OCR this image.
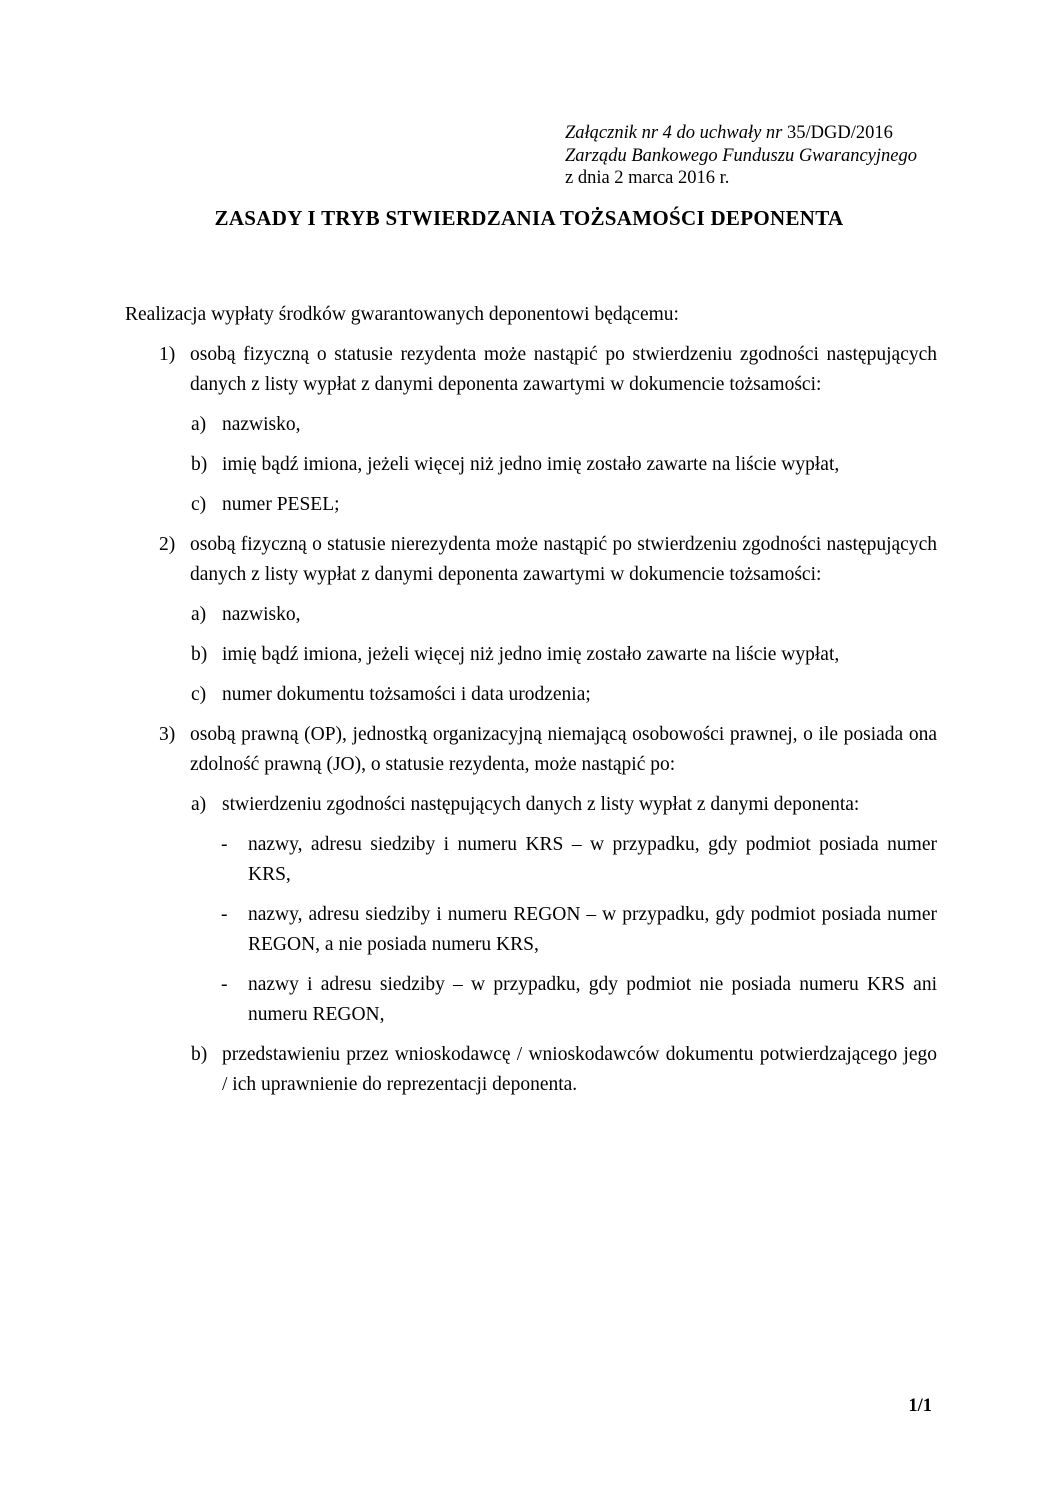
Załącznik nr 4 do uchwały nr 35/DGD/2016
Zarządu Bankowego Funduszu Gwarancyjnego
z dnia 2 marca 2016 r.
ZASADY I TRYB STWIERDZANIA TOŻSAMOŚCI DEPONENTA

Realizacja wypłaty środków gwarantowanych deponentowi będącemu:

1) osobą fizyczną o statusie rezydenta może nastąpić po stwierdzeniu zgodności następujących danych z listy wypłat z danymi deponenta zawartymi w dokumencie tożsamości:
a) nazwisko,
b) imię bądź imiona, jeżeli więcej niż jedno imię zostało zawarte na liście wypłat,
c) numer PESEL;
2) osobą fizyczną o statusie nierezydenta może nastąpić po stwierdzeniu zgodności następujących danych z listy wypłat z danymi deponenta zawartymi w dokumencie tożsamości:
a) nazwisko,
b) imię bądź imiona, jeżeli więcej niż jedno imię zostało zawarte na liście wypłat,
c) numer dokumentu tożsamości i data urodzenia;
3) osobą prawną (OP), jednostką organizacyjną niemającą osobowości prawnej, o ile posiada ona zdolność prawną (JO), o statusie rezydenta, może nastąpić po:
a) stwierdzeniu zgodności następujących danych z listy wypłat z danymi deponenta:
-	nazwy, adresu siedziby i numeru KRS – w przypadku, gdy podmiot posiada numer KRS,
-	nazwy, adresu siedziby i numeru REGON – w przypadku, gdy podmiot posiada numer REGON, a nie posiada numeru KRS,
-	nazwy i adresu siedziby – w przypadku, gdy podmiot nie posiada numeru KRS ani numeru REGON,
b) przedstawieniu przez wnioskodawcę / wnioskodawców dokumentu potwierdzającego jego / ich uprawnienie do reprezentacji deponenta.
1/1
